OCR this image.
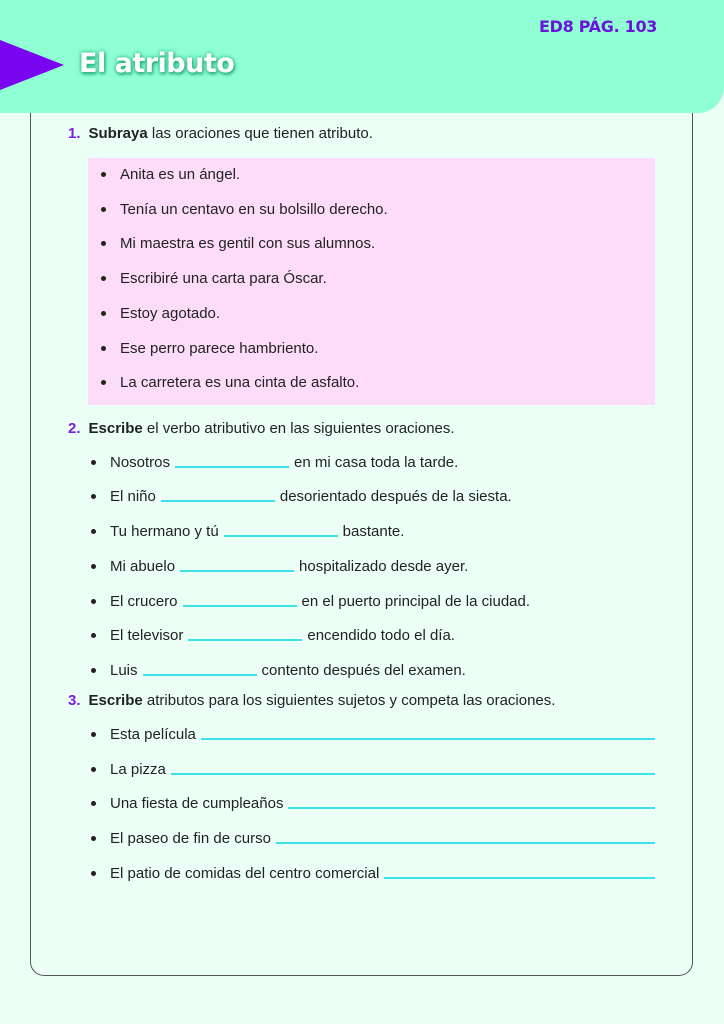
El atributo
ED8 PÁG. 103
1. Subraya las oraciones que tienen atributo.
Anita es un ángel.
Tenía un centavo en su bolsillo derecho.
Mi maestra es gentil con sus alumnos.
Escribiré una carta para Óscar.
Estoy agotado.
Ese perro parece hambriento.
La carretera es una cinta de asfalto.
2. Escribe el verbo atributivo en las siguientes oraciones.
Nosotros	en mi casa toda la tarde.
El niño	desorientado después de la siesta.
Tu hermano y tú	bastante.
Mi abuelo	hospitalizado desde ayer.
El crucero	en el puerto principal de la ciudad.
El televisor	encendido todo el día.
Luis	contento después del examen.
3. Escribe atributos para los siguientes sujetos y competa las oraciones.
Esta película
La pizza
Una fiesta de cumpleaños
El paseo de fin de curso
El patio de comidas del centro comercial
